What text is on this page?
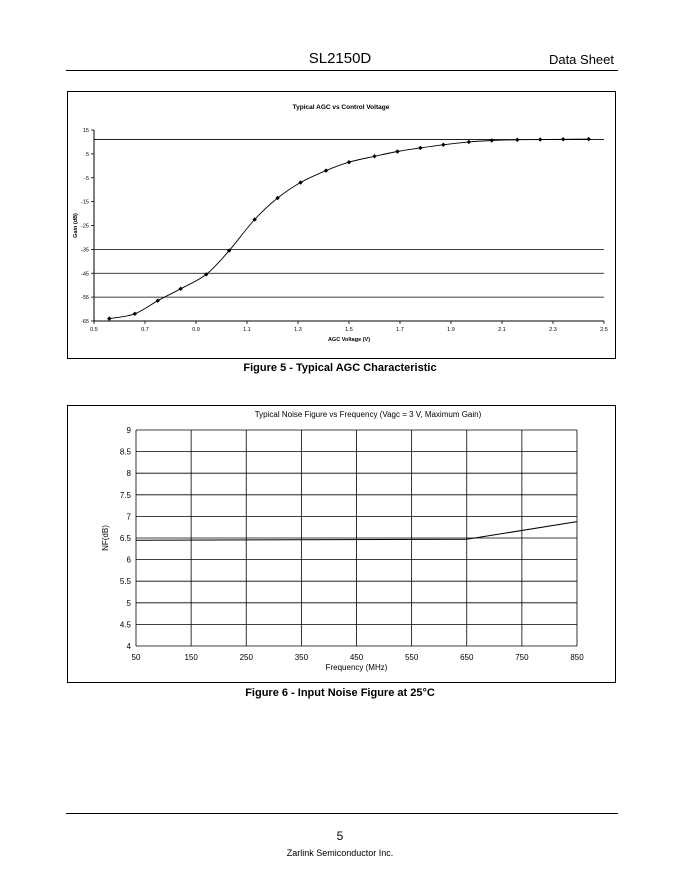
SL2150D	Data Sheet
Typical AGC vs Control Voltage
15
5
-5
-15
-25
-35
-45
-55
-65
0.5	0.7	0.9	1.1	1.3	1.5	1.7	1.9	2.1	2.3	2.5
AGC Voltage (V)
Gain (dB)
Figure 5 - Typical AGC Characteristic
Typical Noise Figure vs Frequency (Vagc = 3 V, Maximum Gain)
9
8.5
8
7.5
7
6.5
6
5.5
5
4.5
4
50	150	250	350	450	550	650	750	850
Frequency (MHz)
NF(dB)
Figure 6 - Input Noise Figure at 25°C
5
Zarlink Semiconductor Inc.
